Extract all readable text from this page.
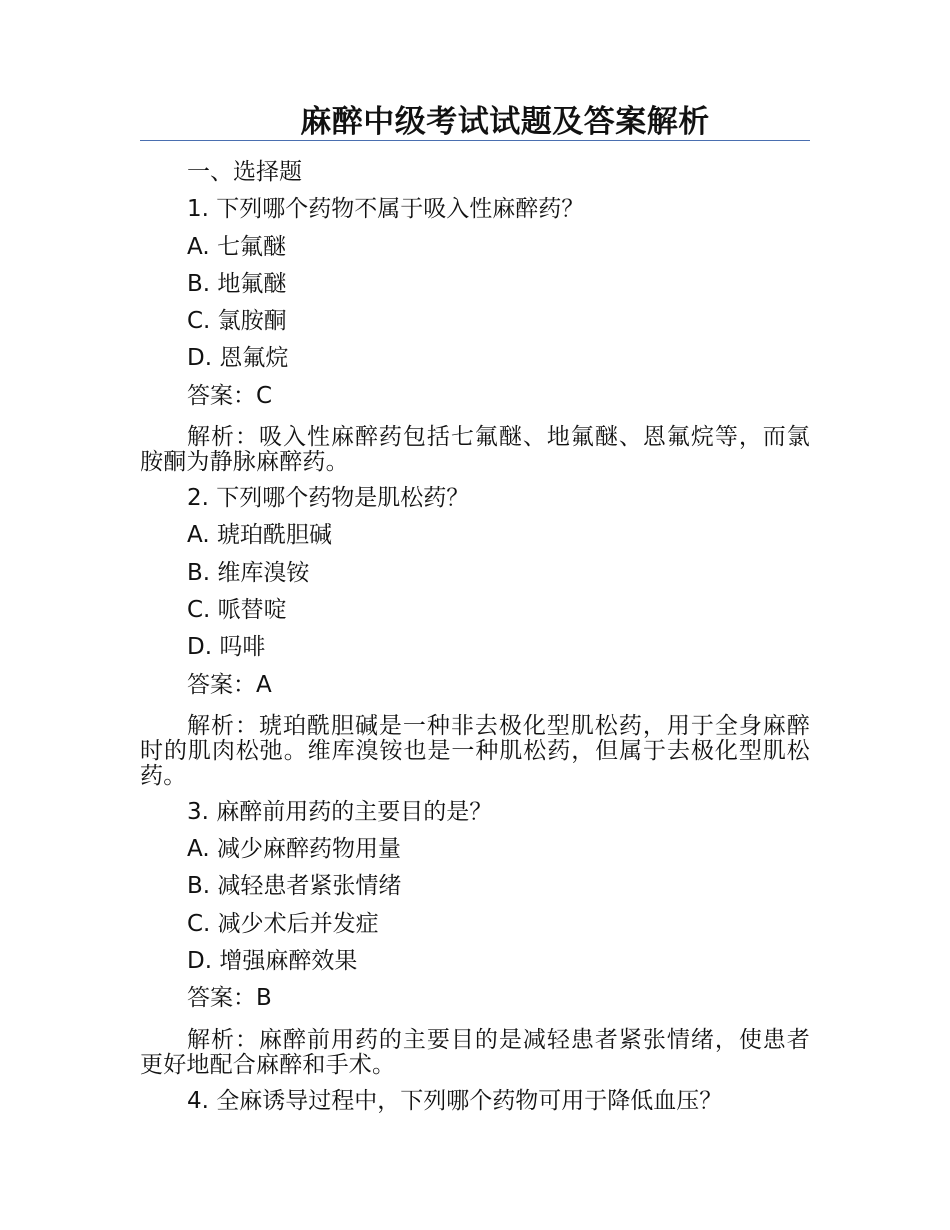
麻醉中级考试试题及答案解析
一、选择题
1. 下列哪个药物不属于吸入性麻醉药？
A. 七氟醚
B. 地氟醚
C. 氯胺酮
D. 恩氟烷
答案：C
解析：吸入性麻醉药包括七氟醚、地氟醚、恩氟烷等，而氯胺酮为静脉麻醉药。
2. 下列哪个药物是肌松药？
A. 琥珀酰胆碱
B. 维库溴铵
C. 哌替啶
D. 吗啡
答案：A
解析：琥珀酰胆碱是一种非去极化型肌松药，用于全身麻醉时的肌肉松弛。维库溴铵也是一种肌松药，但属于去极化型肌松药。
3. 麻醉前用药的主要目的是？
A. 减少麻醉药物用量
B. 减轻患者紧张情绪
C. 减少术后并发症
D. 增强麻醉效果
答案：B
解析：麻醉前用药的主要目的是减轻患者紧张情绪，使患者更好地配合麻醉和手术。
4. 全麻诱导过程中，下列哪个药物可用于降低血压？
